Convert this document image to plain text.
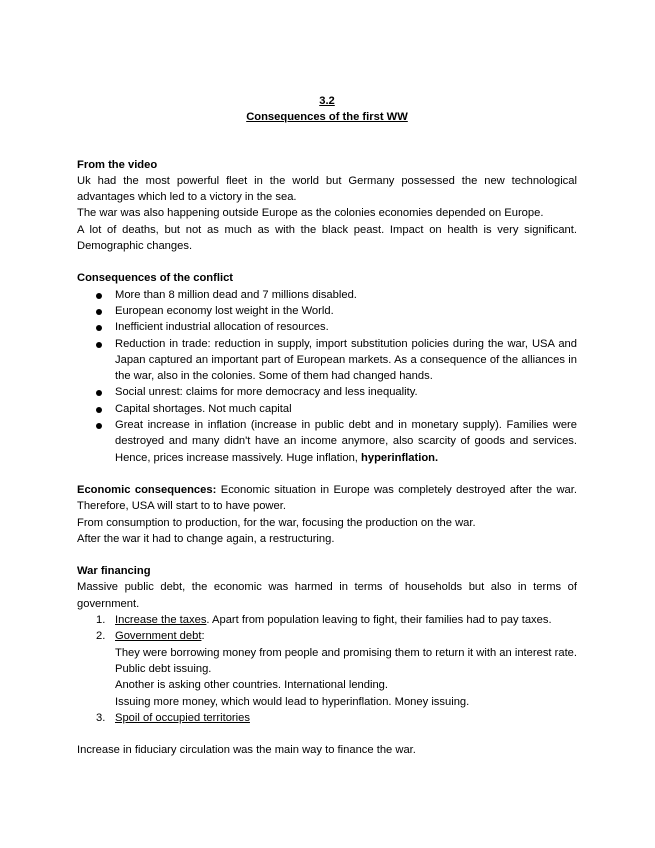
3.2
Consequences of the first WW

From the video

Uk had the most powerful fleet in the world but Germany possessed the new technological advantages which led to a victory in the sea.

The war was also happening outside Europe as the colonies economies depended on Europe.

A lot of deaths, but not as much as with the black peast. Impact on health is very significant. Demographic changes.

Consequences of the conflict

More than 8 million dead and 7 millions disabled.
European economy lost weight in the World.
Inefficient industrial allocation of resources.
Reduction in trade: reduction in supply, import substitution policies during the war, USA and Japan captured an important part of European markets. As a consequence of the alliances in the war, also in the colonies. Some of them had changed hands.
Social unrest: claims for more democracy and less inequality.
Capital shortages. Not much capital
Great increase in inflation (increase in public debt and in monetary supply). Families were destroyed and many didn't have an income anymore, also scarcity of goods and services. Hence, prices increase massively. Huge inflation, hyperinflation.

Economic consequences: Economic situation in Europe was completely destroyed after the war. Therefore, USA will start to to have power.

From consumption to production, for the war, focusing the production on the war.

After the war it had to change again, a restructuring.

War financing

Massive public debt, the economic was harmed in terms of households but also in terms of government.

1. Increase the taxes. Apart from population leaving to fight, their families had to pay taxes.
2. Government debt:

They were borrowing money from people and promising them to return it with an interest rate. Public debt issuing.

Another is asking other countries. International lending.

Issuing more money, which would lead to hyperinflation. Money issuing.

3. Spoil of occupied territories

Increase in fiduciary circulation was the main way to finance the war.
